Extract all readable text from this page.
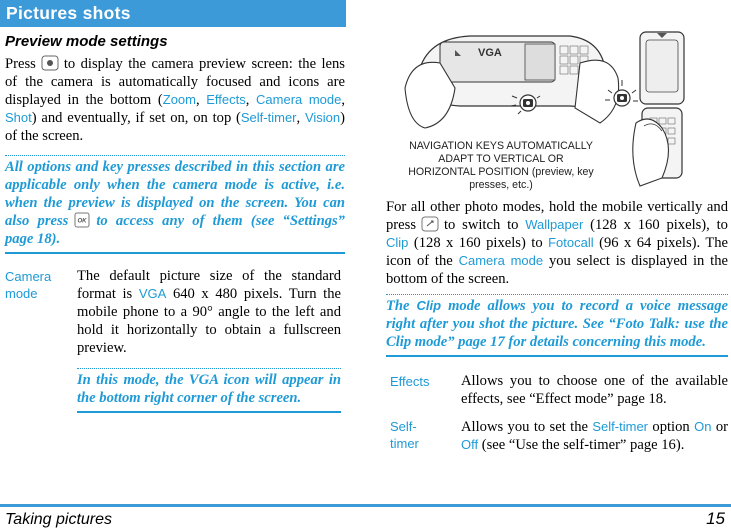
Pictures shots
Preview mode settings
Press to display the camera preview screen: the lens of the camera is automatically focused and icons are displayed in the bottom (Zoom, Effects, Camera mode, Shot) and eventually, if set on, on top (Self-timer, Vision) of the screen.
All options and key presses described in this section are applicable only when the camera mode is active, i.e. when the preview is displayed on the screen. You can also press OK to access any of them (see “Settings” page 18).
Camera mode
The default picture size of the standard format is VGA 640 x 480 pixels. Turn the mobile phone to a 90° angle to the left and hold it horizontally to obtain a fullscreen preview.
In this mode, the VGA icon will appear in the bottom right corner of the screen.
VGA
NAVIGATION KEYS AUTOMATICALLY ADAPT TO VERTICAL OR HORIZONTAL POSITION (preview, key presses, etc.)
For all other photo modes, hold the mobile vertically and press to switch to Wallpaper (128 x 160 pixels), to Clip (128 x 160 pixels) to Fotocall (96 x 64 pixels). The icon of the Camera mode you select is displayed in the bottom of the screen.
The Clip mode allows you to record a voice message right after you shot the picture. See “Foto Talk: use the Clip mode” page 17 for details concerning this mode.
Effects	Allows you to choose one of the available effects, see “Effect mode” page 18.
Self-timer
Allows you to set the Self-timer option On or Off (see “Use the self-timer” page 16).
Taking pictures	15
